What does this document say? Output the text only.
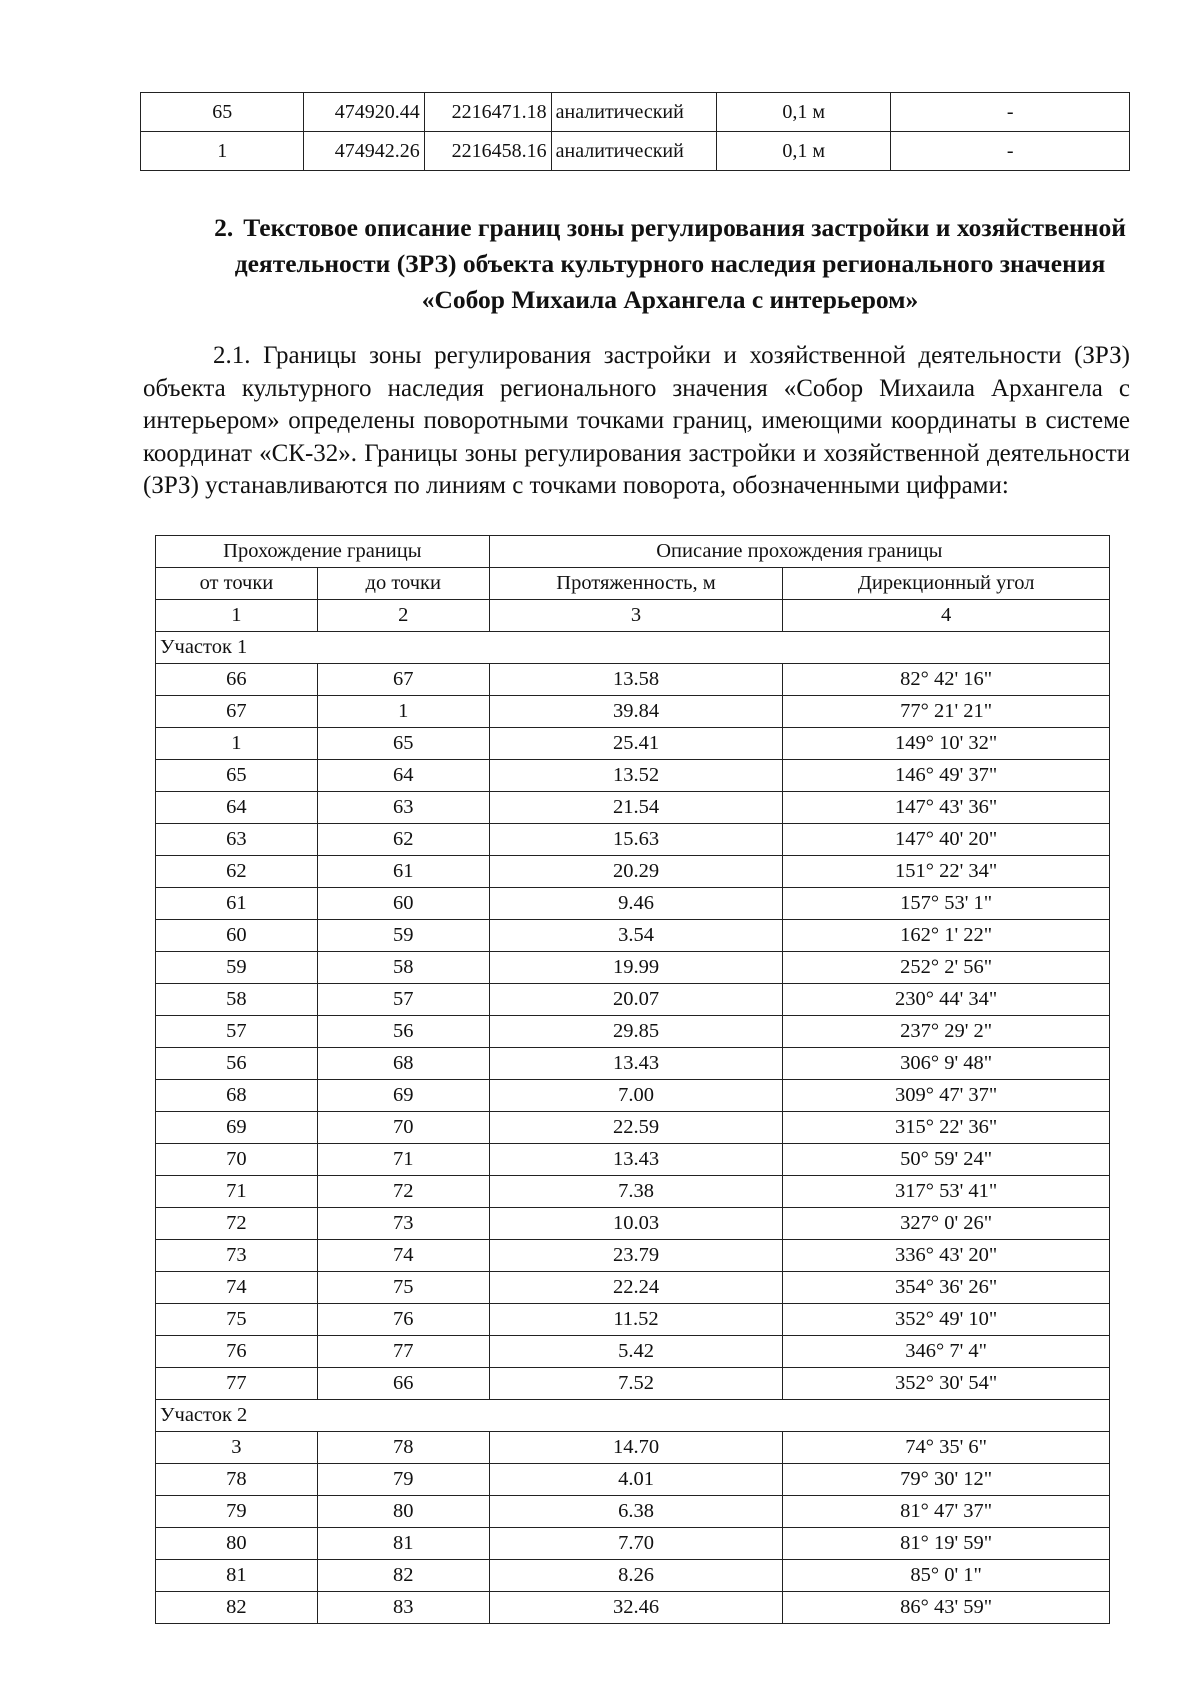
65	474920.44	2216471.18	аналитический	0,1 м	-
1	474942.26	2216458.16	аналитический	0,1 м	-
2. Текстовое описание границ зоны регулирования застройки и хозяйственной деятельности (ЗРЗ) объекта культурного наследия регионального значения «Собор Михаила Архангела с интерьером»

2.1. Границы зоны регулирования застройки и хозяйственной деятельности (ЗРЗ) объекта культурного наследия регионального значения «Собор Михаила Архангела с интерьером» определены поворотными точками границ, имеющими координаты в системе координат «СК-32». Границы зоны регулирования застройки и хозяйственной деятельности (ЗРЗ) устанавливаются по линиям с точками поворота, обозначенными цифрами:

Прохождение границы		Описание прохождения границы	
от точки	до точки	Протяженность, м	Дирекционный угол
1	2	3	4
Участок 1			
66	67	13.58	82° 42' 16"
67	1	39.84	77° 21' 21"
1	65	25.41	149° 10' 32"
65	64	13.52	146° 49' 37"
64	63	21.54	147° 43' 36"
63	62	15.63	147° 40' 20"
62	61	20.29	151° 22' 34"
61	60	9.46	157° 53' 1"
60	59	3.54	162° 1' 22"
59	58	19.99	252° 2' 56"
58	57	20.07	230° 44' 34"
57	56	29.85	237° 29' 2"
56	68	13.43	306° 9' 48"
68	69	7.00	309° 47' 37"
69	70	22.59	315° 22' 36"
70	71	13.43	50° 59' 24"
71	72	7.38	317° 53' 41"
72	73	10.03	327° 0' 26"
73	74	23.79	336° 43' 20"
74	75	22.24	354° 36' 26"
75	76	11.52	352° 49' 10"
76	77	5.42	346° 7' 4"
77	66	7.52	352° 30' 54"
Участок 2			
3	78	14.70	74° 35' 6"
78	79	4.01	79° 30' 12"
79	80	6.38	81° 47' 37"
80	81	7.70	81° 19' 59"
81	82	8.26	85° 0' 1"
82	83	32.46	86° 43' 59"
